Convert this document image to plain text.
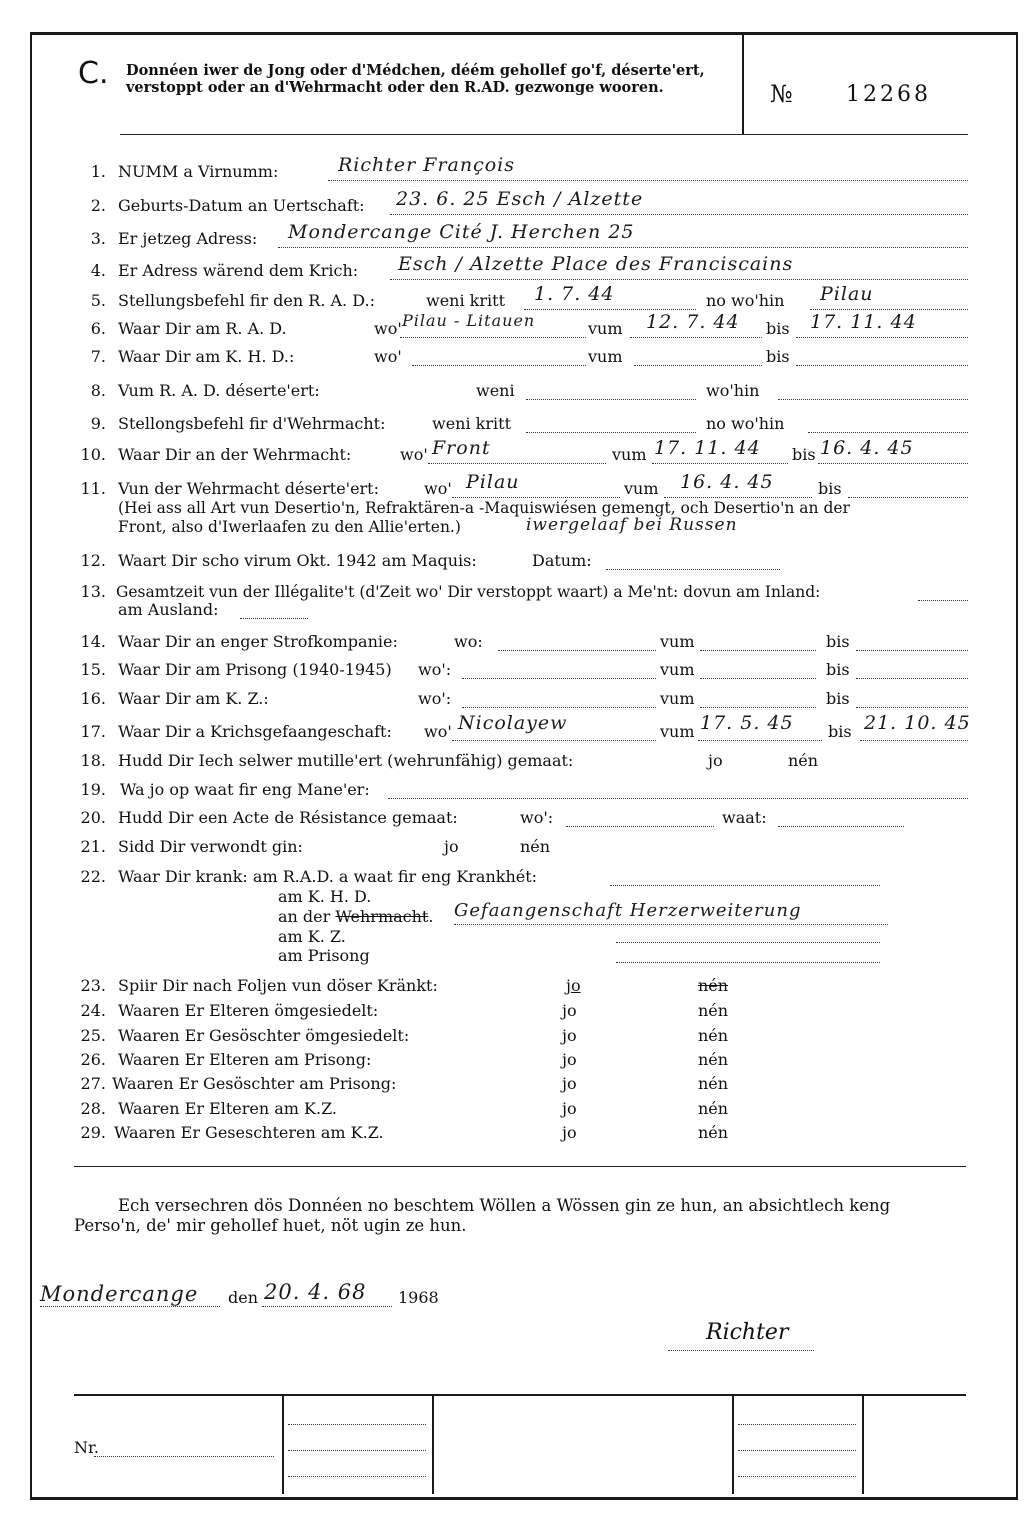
C. Donnéen iwer de Jong oder d'Médchen, déém gehollef go'f, déserte'ert, verstoppt oder an d'Wehrmacht oder den R.AD. gezwonge wooren.	№ 12268
1. NUMM a Virnumm:	Richter François
2. Geburts-Datum an Uertschaft: 23. 6. 25 Esch / Alzette
3. Er jetzeg Adress: Mondercange Cité J. Herchen 25
4. Er Adress wärend dem Krich: Esch / Alzette Place des Franciscains
5. Stellungsbefehl fir den R. A. D.:	weni kritt 1. 7. 44	no wo'hin Pilau
6. Waar Dir am R. A. D.	wo' Pilau - Litauen	vum 12. 7. 44 bis 17. 11. 44
7. Waar Dir am K. H. D.:	wo'	vum	bis
8. Vum R. A. D. déserte'ert:	weni	wo'hin
9. Stellongsbefehl fir d'Wehrmacht:	weni kritt	no wo'hin
10. Waar Dir an der Wehrmacht:	wo' Front	vum 17. 11. 44 bis 16. 4. 45
11. Vun der Wehrmacht déserte'ert:	wo' Pilau	vum 16. 4. 45	bis
(Hei ass all Art vun Desertio'n, Refraktären-a -Maquiswiésen gemengt, och Desertio'n an der
Front, also d'Iwerlaafen zu den Allie'erten.)	iwergelaaf bei Russen
12. Waart Dir scho virum Okt. 1942 am Maquis:	Datum:
13. Gesamtzeit vun der Illégalite't (d'Zeit wo' Dir verstoppt waart) a Me'nt: dovun am Inland:
am Ausland:
14. Waar Dir an enger Strofkompanie:	wo:	vum	bis
15. Waar Dir am Prisong (1940-1945) wo':	vum	bis
16. Waar Dir am K. Z.:	wo':	vum	bis
17. Waar Dir a Krichsgefaangeschaft: wo' Nicolayew	vum 17. 5. 45 bis 21. 10. 45
18. Hudd Dir Iech selwer mutille'ert (wehrunfähig) gemaat:	jo	nén
19. Wa jo op waat fir eng Mane'er:
20. Hudd Dir een Acte de Résistance gemaat:	wo':	waat:
21. Sidd Dir verwondt gin:	jo	nén
22. Waar Dir krank: am R.A.D. a waat fir eng Krankhét:
am K. H. D.
an der Wehrmacht. Gefaangenschaft Herzerweiterung
am K. Z.
am Prisong
23. Spiir Dir nach Foljen vun döser Kränkt:	jo	nén
24. Waaren Er Elteren ömgesiedelt:	jo	nén
25. Waaren Er Gesöschter ömgesiedelt:	jo	nén
26. Waaren Er Elteren am Prisong:	jo	nén
27. Waaren Er Gesöschter am Prisong:	jo	nén
28. Waaren Er Elteren am K.Z.	jo	nén
29. Waaren Er Geseschteren am K.Z.	jo	nén
Ech versechren dös Donnéen no beschtem Wöllen a Wössen gin ze hun, an absichtlech keng
Perso'n, de' mir gehollef huet, nöt ugin ze hun.
Mondercange den 20. 4. 68 1968
Richter
Nr.
